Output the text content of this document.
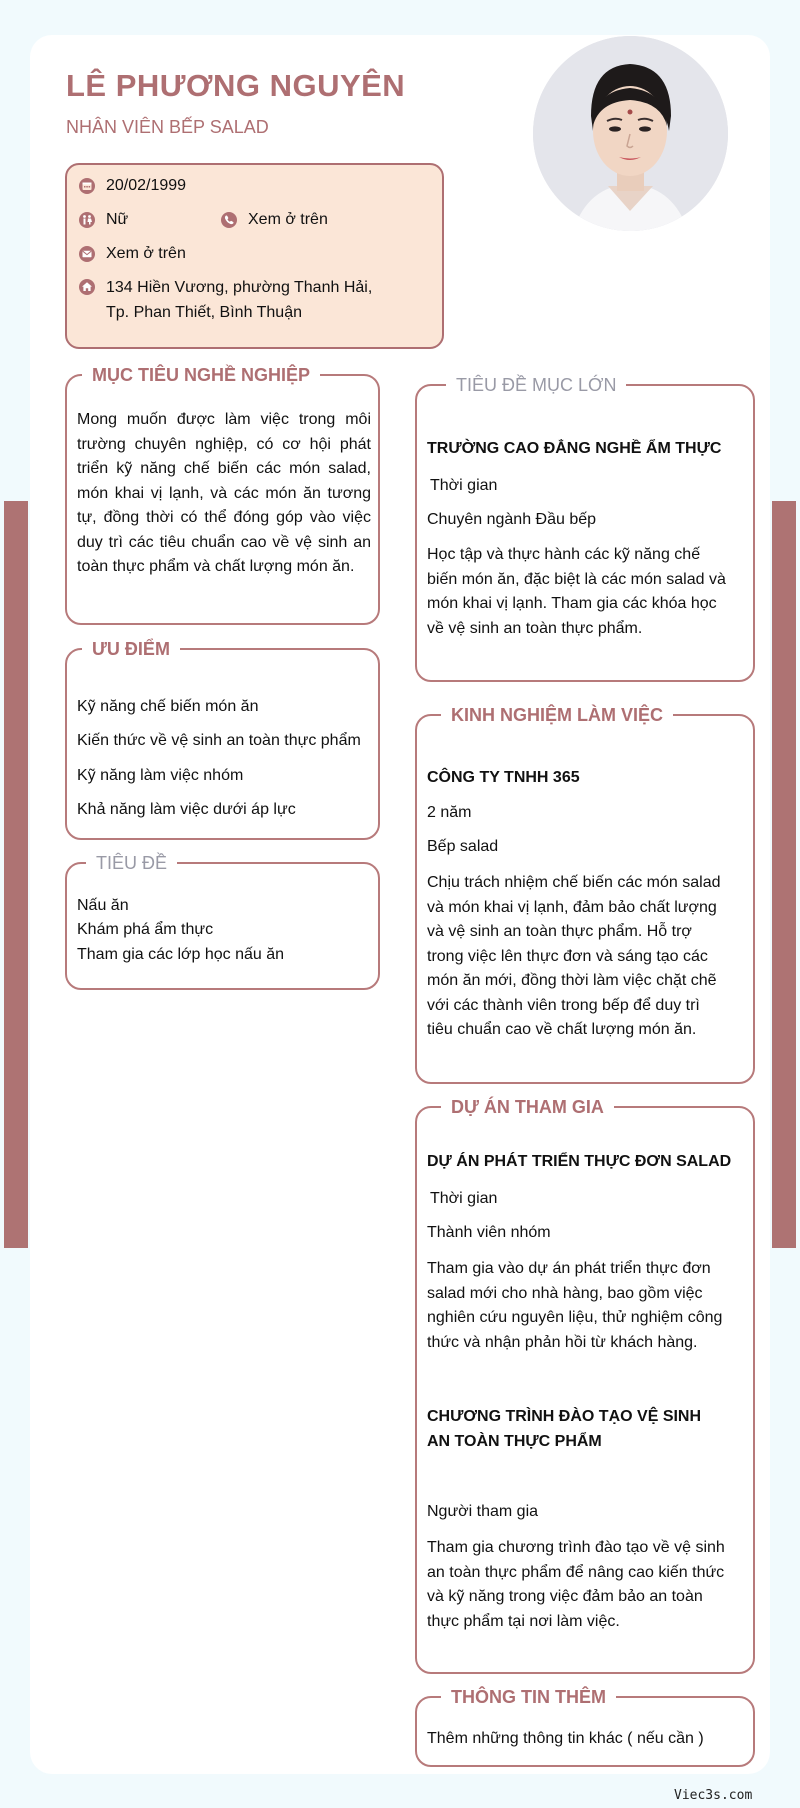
LÊ PHƯƠNG NGUYÊN
NHÂN VIÊN BẾP SALAD
20/02/1999
Nữ	Xem ở trên
Xem ở trên
134 Hiền Vương, phường Thanh Hải,
Tp. Phan Thiết, Bình Thuận
MỤC TIÊU NGHỀ NGHIỆP
Mong muốn được làm việc trong môi trường chuyên nghiệp, có cơ hội phát triển kỹ năng chế biến các món salad, món khai vị lạnh, và các món ăn tương tự, đồng thời có thể đóng góp vào việc duy trì các tiêu chuẩn cao về vệ sinh an toàn thực phẩm và chất lượng món ăn.
ƯU ĐIỂM
Kỹ năng chế biến món ăn
Kiến thức về vệ sinh an toàn thực phẩm
Kỹ năng làm việc nhóm
Khả năng làm việc dưới áp lực
TIÊU ĐỀ
Nấu ăn
Khám phá ẩm thực
Tham gia các lớp học nấu ăn
TIÊU ĐỀ MỤC LỚN
TRƯỜNG CAO ĐẲNG NGHỀ ẨM THỰC
Thời gian
Chuyên ngành Đầu bếp
Học tập và thực hành các kỹ năng chế biến món ăn, đặc biệt là các món salad và món khai vị lạnh. Tham gia các khóa học về vệ sinh an toàn thực phẩm.
KINH NGHIỆM LÀM VIỆC
CÔNG TY TNHH 365
2 năm
Bếp salad
Chịu trách nhiệm chế biến các món salad và món khai vị lạnh, đảm bảo chất lượng và vệ sinh an toàn thực phẩm. Hỗ trợ trong việc lên thực đơn và sáng tạo các món ăn mới, đồng thời làm việc chặt chẽ với các thành viên trong bếp để duy trì tiêu chuẩn cao về chất lượng món ăn.
DỰ ÁN THAM GIA
DỰ ÁN PHÁT TRIỂN THỰC ĐƠN SALAD
Thời gian
Thành viên nhóm
Tham gia vào dự án phát triển thực đơn salad mới cho nhà hàng, bao gồm việc nghiên cứu nguyên liệu, thử nghiệm công thức và nhận phản hồi từ khách hàng.
CHƯƠNG TRÌNH ĐÀO TẠO VỆ SINH AN TOÀN THỰC PHẨM
Người tham gia
Tham gia chương trình đào tạo về vệ sinh an toàn thực phẩm để nâng cao kiến thức và kỹ năng trong việc đảm bảo an toàn thực phẩm tại nơi làm việc.
THÔNG TIN THÊM
Thêm những thông tin khác ( nếu cần )
Viec3s.com
